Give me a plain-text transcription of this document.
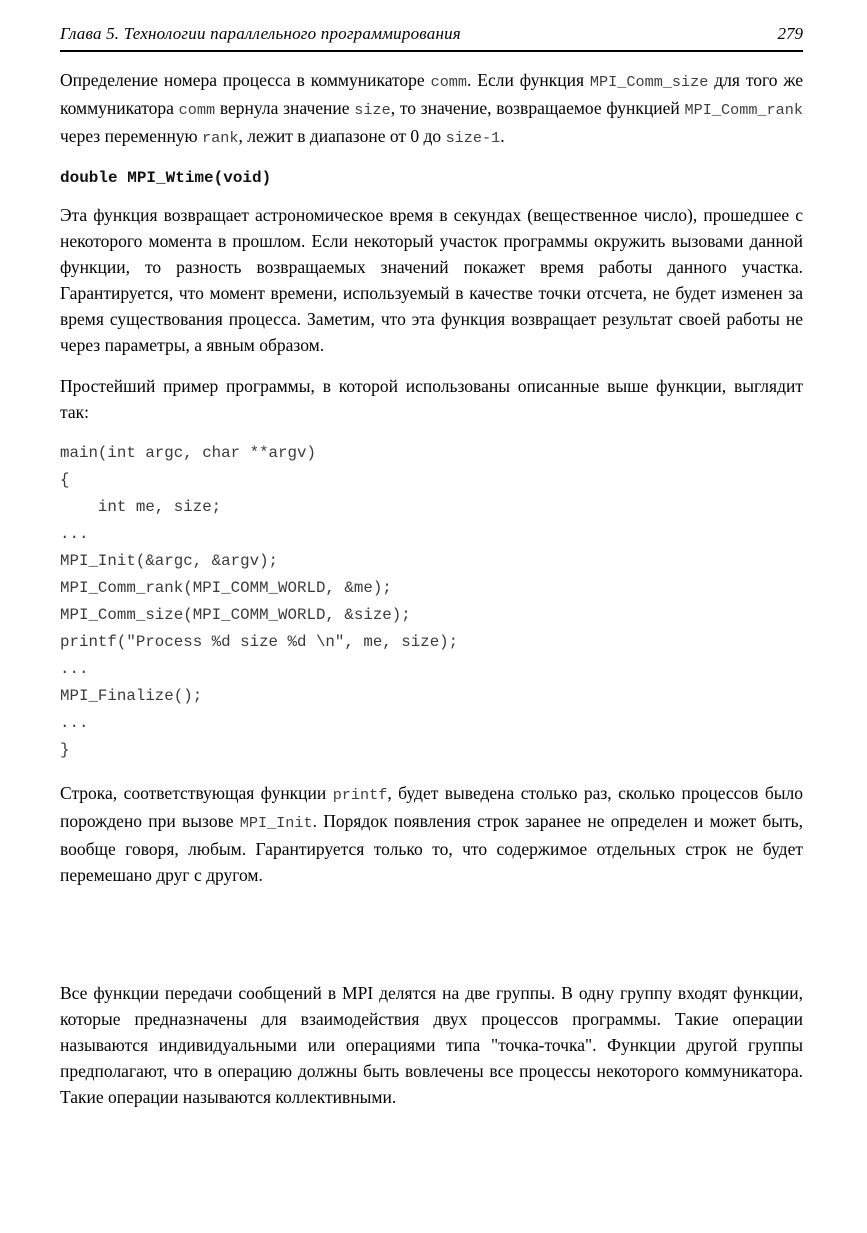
Глава 5. Технологии параллельного программирования	279

Определение номера процесса в коммуникаторе comm. Если функция MPI_Comm_size для того же коммуникатора comm вернула значение size, то значение, возвращаемое функцией MPI_Comm_rank через переменную rank, лежит в диапазоне от 0 до size-1.

double MPI_Wtime(void)

Эта функция возвращает астрономическое время в секундах (вещественное число), прошедшее с некоторого момента в прошлом. Если некоторый участок программы окружить вызовами данной функции, то разность возвращаемых значений покажет время работы данного участка. Гарантируется, что момент времени, используемый в качестве точки отсчета, не будет изменен за время существования процесса. Заметим, что эта функция возвращает результат своей работы не через параметры, а явным образом.

Простейший пример программы, в которой использованы описанные выше функции, выглядит так:

main(int argc, char **argv)
{
int me, size;
...
MPI_Init(&argc, &argv);
MPI_Comm_rank(MPI_COMM_WORLD, &me);
MPI_Comm_size(MPI_COMM_WORLD, &size);
printf("Process %d size %d \n", me, size);
...
MPI_Finalize();
...
}

Строка, соответствующая функции printf, будет выведена столько раз, сколько процессов было порождено при вызове MPI_Init. Порядок появления строк заранее не определен и может быть, вообще говоря, любым. Гарантируется только то, что содержимое отдельных строк не будет перемешано друг с другом.

Все функции передачи сообщений в MPI делятся на две группы. В одну группу входят функции, которые предназначены для взаимодействия двух процессов программы. Такие операции называются индивидуальными или операциями типа "точка-точка". Функции другой группы предполагают, что в операцию должны быть вовлечены все процессы некоторого коммуникатора. Такие операции называются коллективными.
